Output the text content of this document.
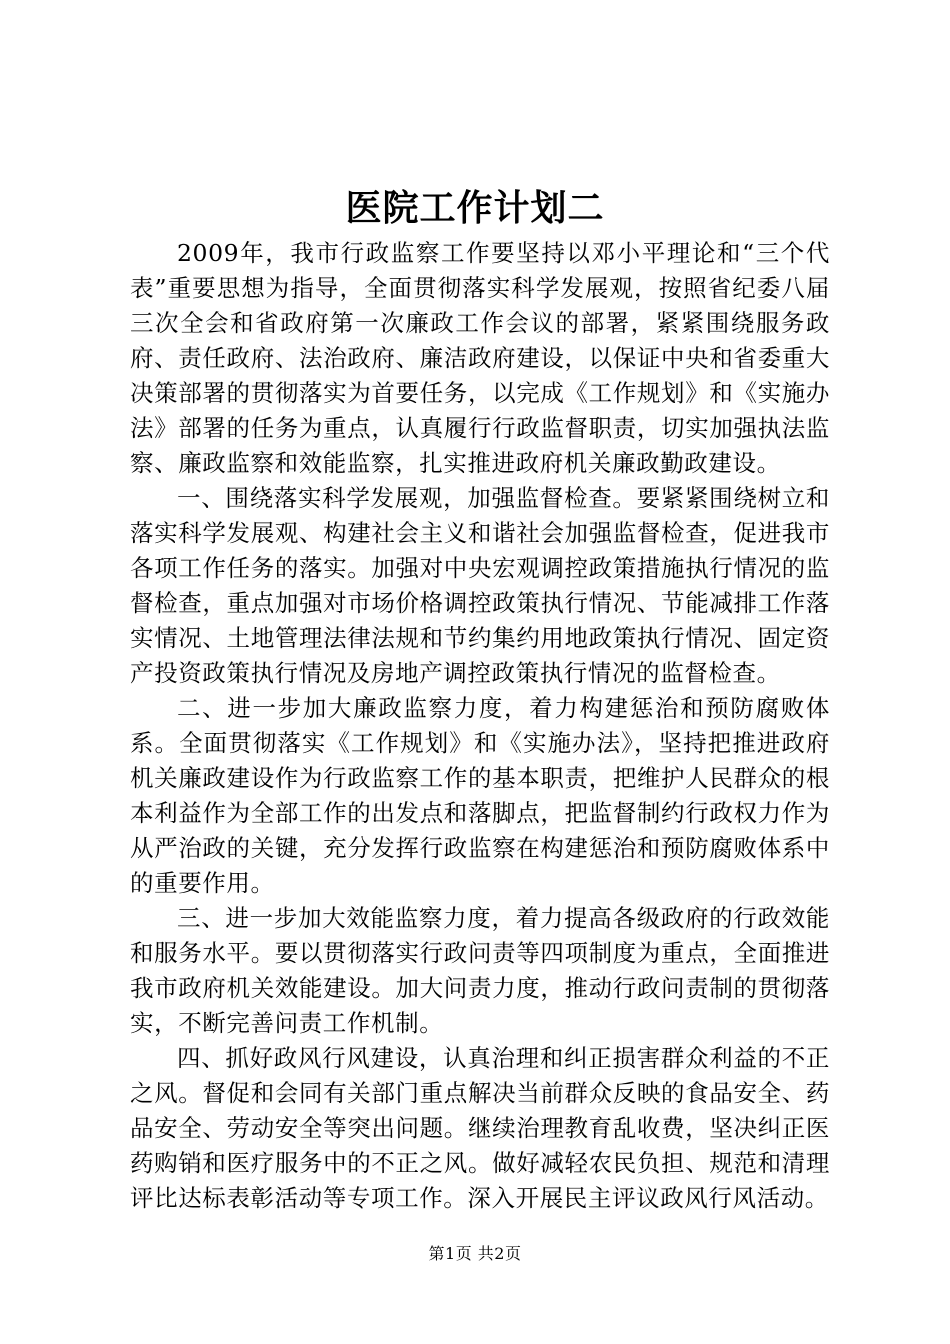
医院工作计划二

2009年，我市行政监察工作要坚持以邓小平理论和“三个代表”重要思想为指导，全面贯彻落实科学发展观，按照省纪委八届三次全会和省政府第一次廉政工作会议的部署，紧紧围绕服务政府、责任政府、法治政府、廉洁政府建设，以保证中央和省委重大决策部署的贯彻落实为首要任务，以完成《工作规划》和《实施办法》部署的任务为重点，认真履行行政监督职责，切实加强执法监察、廉政监察和效能监察，扎实推进政府机关廉政勤政建设。

一、围绕落实科学发展观，加强监督检查。要紧紧围绕树立和落实科学发展观、构建社会主义和谐社会加强监督检查，促进我市各项工作任务的落实。加强对中央宏观调控政策措施执行情况的监督检查，重点加强对市场价格调控政策执行情况、节能减排工作落实情况、土地管理法律法规和节约集约用地政策执行情况、固定资产投资政策执行情况及房地产调控政策执行情况的监督检查。

二、进一步加大廉政监察力度，着力构建惩治和预防腐败体系。全面贯彻落实《工作规划》和《实施办法》，坚持把推进政府机关廉政建设作为行政监察工作的基本职责，把维护人民群众的根本利益作为全部工作的出发点和落脚点，把监督制约行政权力作为从严治政的关键，充分发挥行政监察在构建惩治和预防腐败体系中的重要作用。

三、进一步加大效能监察力度，着力提高各级政府的行政效能和服务水平。要以贯彻落实行政问责等四项制度为重点，全面推进我市政府机关效能建设。加大问责力度，推动行政问责制的贯彻落实，不断完善问责工作机制。

四、抓好政风行风建设，认真治理和纠正损害群众利益的不正之风。督促和会同有关部门重点解决当前群众反映的食品安全、药品安全、劳动安全等突出问题。继续治理教育乱收费，坚决纠正医药购销和医疗服务中的不正之风。做好减轻农民负担、规范和清理评比达标表彰活动等专项工作。深入开展民主评议政风行风活动。

第1页 共2页
